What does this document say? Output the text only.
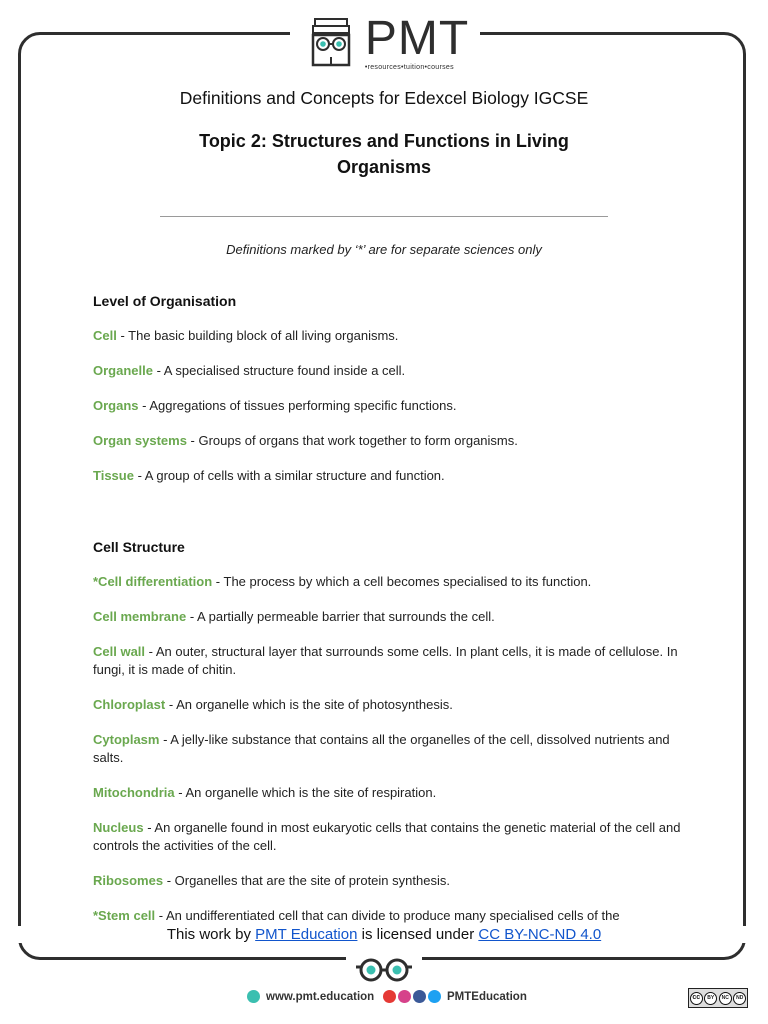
PMT
•resources•tuition•courses
Definitions and Concepts for Edexcel Biology IGCSE
Topic 2: Structures and Functions in Living Organisms
Definitions marked by ‘*’ are for separate sciences only
Level of Organisation
Cell - The basic building block of all living organisms.
Organelle - A specialised structure found inside a cell.
Organs - Aggregations of tissues performing specific functions.
Organ systems - Groups of organs that work together to form organisms.
Tissue - A group of cells with a similar structure and function.
Cell Structure
*Cell differentiation - The process by which a cell becomes specialised to its function.
Cell membrane - A partially permeable barrier that surrounds the cell.
Cell wall - An outer, structural layer that surrounds some cells. In plant cells, it is made of cellulose. In fungi, it is made of chitin.
Chloroplast - An organelle which is the site of photosynthesis.
Cytoplasm - A jelly-like substance that contains all the organelles of the cell, dissolved nutrients and salts.
Mitochondria - An organelle which is the site of respiration.
Nucleus - An organelle found in most eukaryotic cells that contains the genetic material of the cell and controls the activities of the cell.
Ribosomes - Organelles that are the site of protein synthesis.
*Stem cell - An undifferentiated cell that can divide to produce many specialised cells of the
This work by PMT Education is licensed under CC BY-NC-ND 4.0
www.pmt.education	PMTEducation	cc	BY	NC	ND
